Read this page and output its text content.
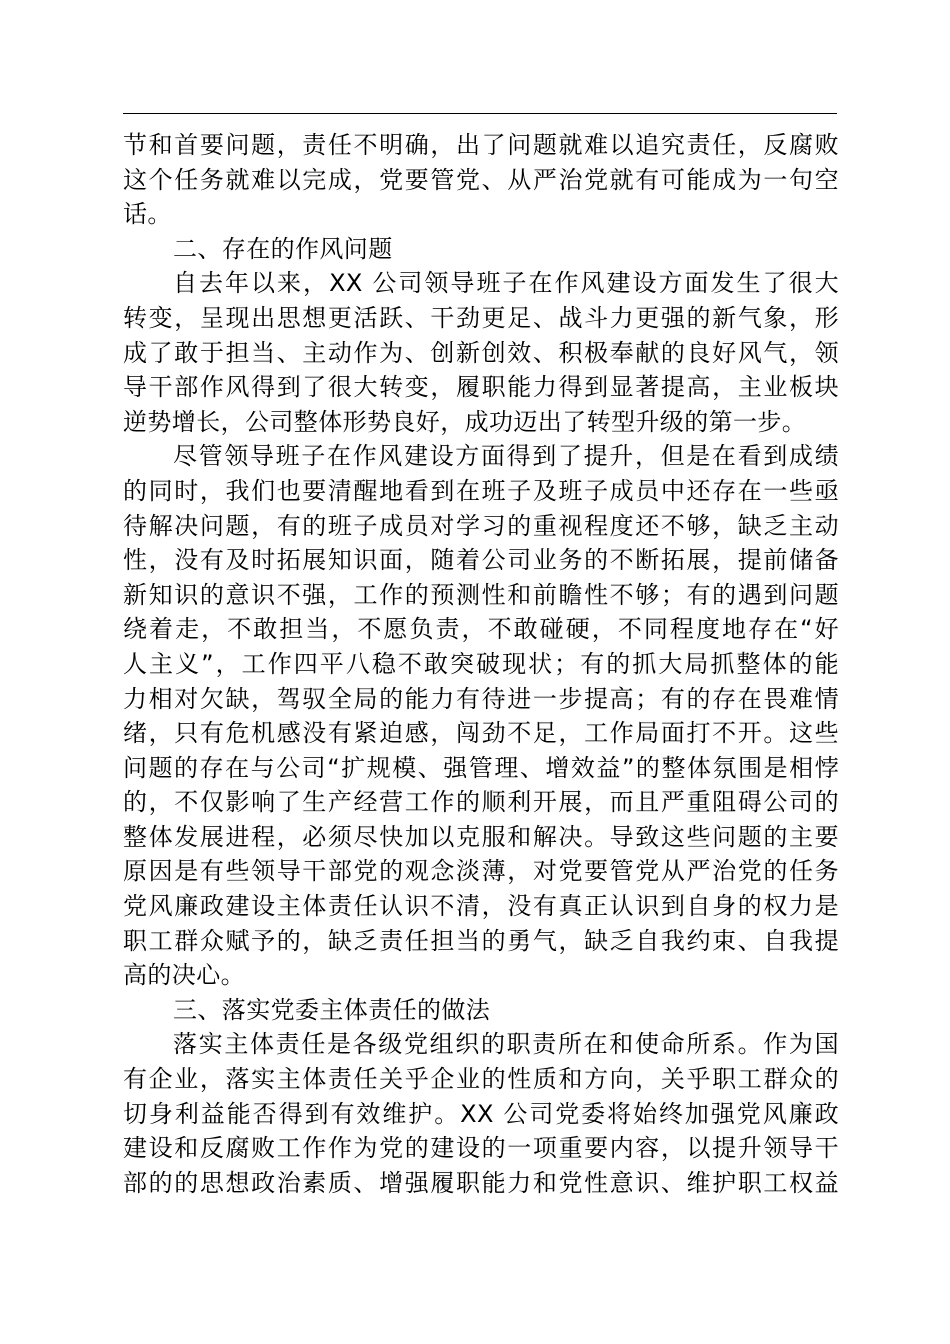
节和首要问题，责任不明确，出了问题就难以追究责任，反腐败
这个任务就难以完成，党要管党、从严治党就有可能成为一句空
话。
二、存在的作风问题
自去年以来，XX 公司领导班子在作风建设方面发生了很大
转变，呈现出思想更活跃、干劲更足、战斗力更强的新气象，形
成了敢于担当、主动作为、创新创效、积极奉献的良好风气，领
导干部作风得到了很大转变，履职能力得到显著提高，主业板块
逆势增长，公司整体形势良好，成功迈出了转型升级的第一步。
尽管领导班子在作风建设方面得到了提升，但是在看到成绩
的同时，我们也要清醒地看到在班子及班子成员中还存在一些亟
待解决问题，有的班子成员对学习的重视程度还不够，缺乏主动
性，没有及时拓展知识面，随着公司业务的不断拓展，提前储备
新知识的意识不强，工作的预测性和前瞻性不够；有的遇到问题
绕着走，不敢担当，不愿负责，不敢碰硬，不同程度地存在“好
人主义”，工作四平八稳不敢突破现状；有的抓大局抓整体的能
力相对欠缺，驾驭全局的能力有待进一步提高；有的存在畏难情
绪，只有危机感没有紧迫感，闯劲不足，工作局面打不开。这些
问题的存在与公司“扩规模、强管理、增效益”的整体氛围是相悖
的，不仅影响了生产经营工作的顺利开展，而且严重阻碍公司的
整体发展进程，必须尽快加以克服和解决。导致这些问题的主要
原因是有些领导干部党的观念淡薄，对党要管党从严治党的任务
党风廉政建设主体责任认识不清，没有真正认识到自身的权力是
职工群众赋予的，缺乏责任担当的勇气，缺乏自我约束、自我提
高的决心。
三、落实党委主体责任的做法
落实主体责任是各级党组织的职责所在和使命所系。作为国
有企业，落实主体责任关乎企业的性质和方向，关乎职工群众的
切身利益能否得到有效维护。XX 公司党委将始终加强党风廉政
建设和反腐败工作作为党的建设的一项重要内容，以提升领导干
部的的思想政治素质、增强履职能力和党性意识、维护职工权益
